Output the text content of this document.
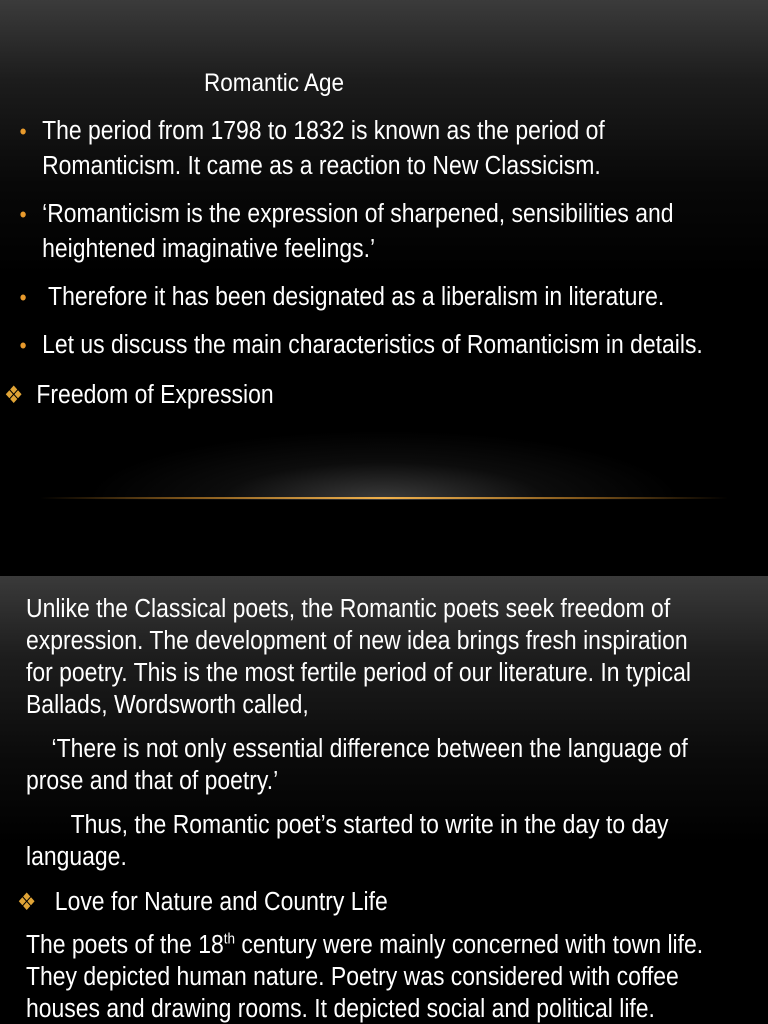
Romantic Age
• The period from 1798 to 1832 is known as the period of
Romanticism. It came as a reaction to New Classicism.
• ‘Romanticism is the expression of sharpened, sensibilities and
heightened imaginative feelings.’
• Therefore it has been designated as a liberalism in literature.
• Let us discuss the main characteristics of Romanticism in details.
❖ Freedom of Expression

Unlike the Classical poets, the Romantic poets seek freedom of
expression. The development of new idea brings fresh inspiration
for poetry. This is the most fertile period of our literature. In typical
Ballads, Wordsworth called,

‘There is not only essential difference between the language of
prose and that of poetry.’

Thus, the Romantic poet’s started to write in the day to day
language.

❖ Love for Nature and Country Life

The poets of the 18th century were mainly concerned with town life.
They depicted human nature. Poetry was considered with coffee
houses and drawing rooms. It depicted social and political life.
